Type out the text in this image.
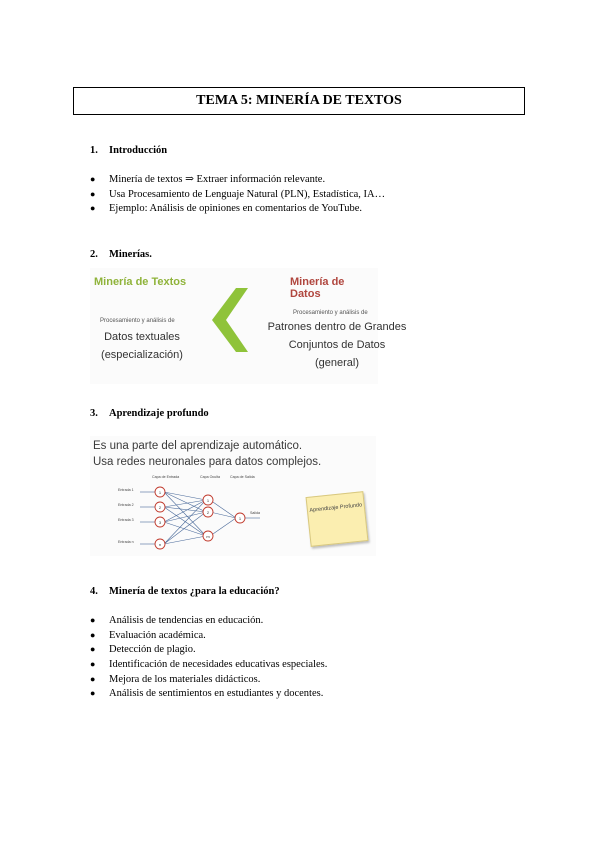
TEMA 5: MINERÍA DE TEXTOS
1. Introducción
● Minería de textos ⇒ Extraer información relevante.
● Usa Procesamiento de Lenguaje Natural (PLN), Estadística, IA…
● Ejemplo: Análisis de opiniones en comentarios de YouTube.
2. Minerías.
Minería de Textos
Procesamiento y análisis de
Datos textuales
(especialización)
Minería de Datos
Procesamiento y análisis de
Patrones dentro de Grandes
Conjuntos de Datos
(general)
3. Aprendizaje profundo
Es una parte del aprendizaje automático.
Usa redes neuronales para datos complejos.
1
2
3
n
1
2
m
1
Entrada 1
Entrada 2
Entrada 3
Entrada n
Capa de Entrada	Capa Oculta	Capa de Salida
Salida	Aprendizaje Profundo
4. Minería de textos ¿para la educación?
● Análisis de tendencias en educación.
● Evaluación académica.
● Detección de plagio.
● Identificación de necesidades educativas especiales.
● Mejora de los materiales didácticos.
● Análisis de sentimientos en estudiantes y docentes.
